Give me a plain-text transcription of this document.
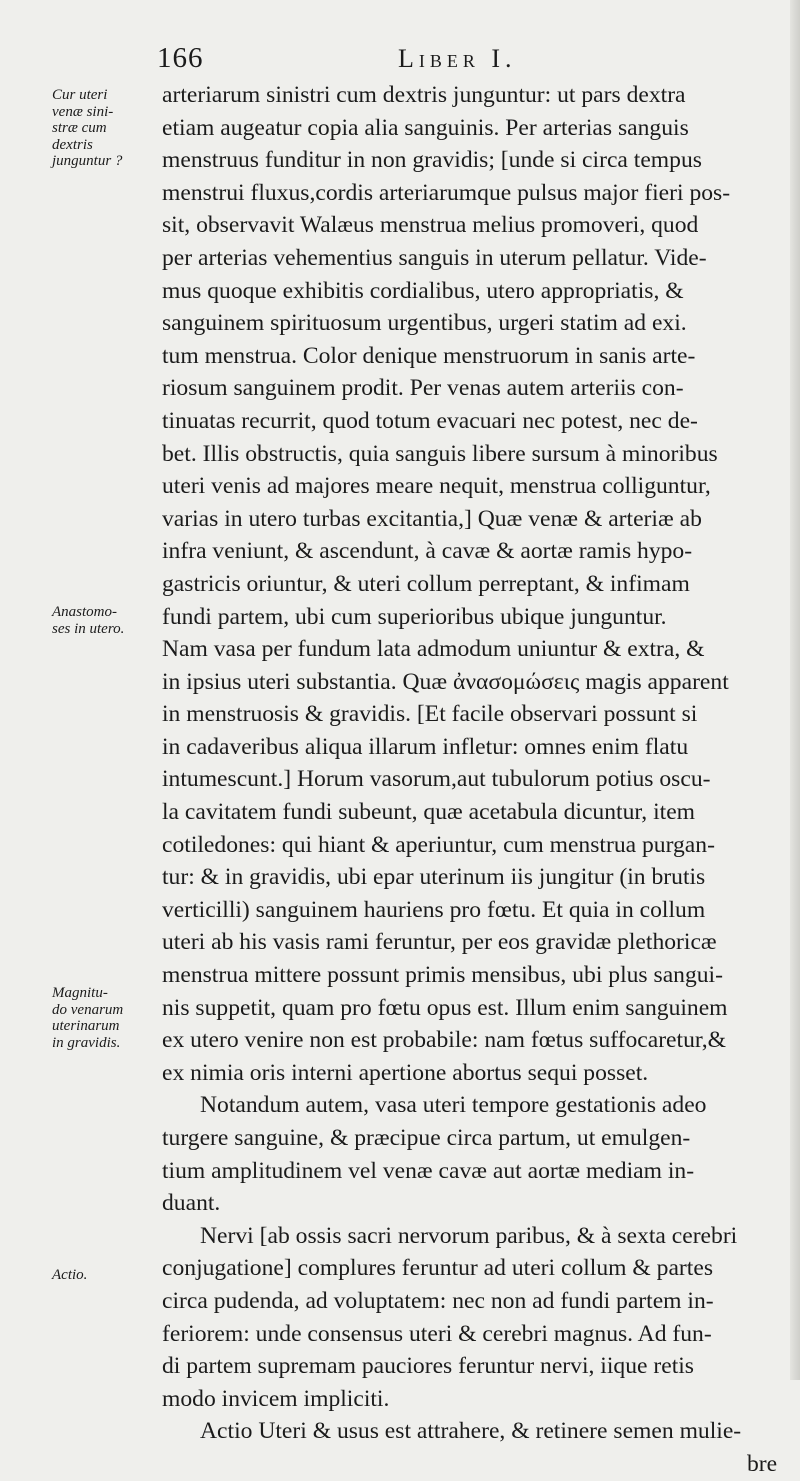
166	Liber I.
Cur uteri
venæ sini-
stræ cum
dextris
junguntur ?
Anastomo-
ses in utero.
Magnitu-
do venarum
uterinarum
in gravidis.
Actio.
arteriarum sinistri cum dextris junguntur: ut pars dextra
etiam augeatur copia alia sanguinis. Per arterias sanguis
menstruus funditur in non gravidis; [unde si circa tempus
menstrui fluxus,cordis arteriarumque pulsus major fieri pos-
sit, observavit Walæus menstrua melius promoveri, quod
per arterias vehementius sanguis in uterum pellatur. Vide-
mus quoque exhibitis cordialibus, utero appropriatis, &
sanguinem spirituosum urgentibus, urgeri statim ad exi.
tum menstrua. Color denique menstruorum in sanis arte-
riosum sanguinem prodit. Per venas autem arteriis con-
tinuatas recurrit, quod totum evacuari nec potest, nec de-
bet. Illis obstructis, quia sanguis libere sursum à minoribus
uteri venis ad majores meare nequit, menstrua colliguntur,
varias in utero turbas excitantia,] Quæ venæ & arteriæ ab
infra veniunt, & ascendunt, à cavæ & aortæ ramis hypo-
gastricis oriuntur, & uteri collum perreptant, & infimam
fundi partem, ubi cum superioribus ubique junguntur.
Nam vasa per fundum lata admodum uniuntur & extra, &
in ipsius uteri substantia. Quæ ἀνασομώσεις magis apparent
in menstruosis & gravidis. [Et facile observari possunt si
in cadaveribus aliqua illarum infletur: omnes enim flatu
intumescunt.] Horum vasorum,aut tubulorum potius oscu-
la cavitatem fundi subeunt, quæ acetabula dicuntur, item
cotiledones: qui hiant & aperiuntur, cum menstrua purgan-
tur: & in gravidis, ubi epar uterinum iis jungitur (in brutis
verticilli) sanguinem hauriens pro fœtu. Et quia in collum
uteri ab his vasis rami feruntur, per eos gravidæ plethoricæ
menstrua mittere possunt primis mensibus, ubi plus sangui-
nis suppetit, quam pro fœtu opus est. Illum enim sanguinem
ex utero venire non est probabile: nam fœtus suffocaretur,&
ex nimia oris interni apertione abortus sequi posset.
Notandum autem, vasa uteri tempore gestationis adeo
turgere sanguine, & præcipue circa partum, ut emulgen-
tium amplitudinem vel venæ cavæ aut aortæ mediam in-
duant.
Nervi [ab ossis sacri nervorum paribus, & à sexta cerebri
conjugatione] complures feruntur ad uteri collum & partes
circa pudenda, ad voluptatem: nec non ad fundi partem in-
feriorem: unde consensus uteri & cerebri magnus. Ad fun-
di partem supremam pauciores feruntur nervi, iique retis
modo invicem impliciti.
Actio Uteri & usus est attrahere, & retinere semen mulie-
bre
